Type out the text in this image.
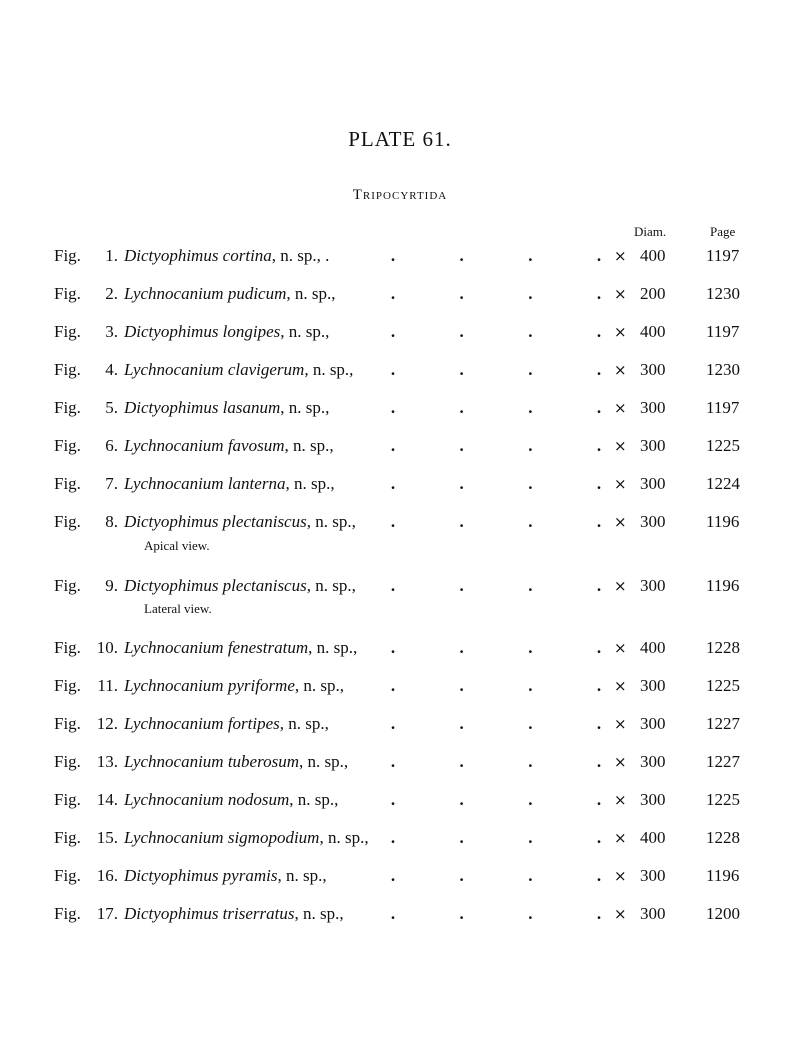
PLATE 61.
Tripocyrtida
Diam.	Page
Fig.	1. Dictyophimus cortina, n. sp., .	.	.	.	. × 400 1197
Fig.	2. Lychnocanium pudicum, n. sp.,	.	.	.	. × 200 1230
Fig.	3. Dictyophimus longipes, n. sp.,	.	.	.	. × 400 1197
Fig.	4. Lychnocanium clavigerum, n. sp., .	.	.	. × 300 1230
Fig.	5. Dictyophimus lasanum, n. sp.,	.	.	.	. × 300 1197
Fig.	6. Lychnocanium favosum, n. sp.,	.	.	.	. × 300 1225
Fig.	7. Lychnocanium lanterna, n. sp.,	.	.	.	. × 300 1224
Fig.	8. Dictyophimus plectaniscus, n. sp., .	.	.	. × 300 1196
Apical view.
Fig.	9. Dictyophimus plectaniscus, n. sp., .	.	.	. × 300 1196
Lateral view.
Fig. 10. Lychnocanium fenestratum, n. sp., .	.	.	. × 400 1228
Fig. 11. Lychnocanium pyriforme, n. sp.,	.	.	.	. × 300 1225
Fig. 12. Lychnocanium fortipes, n. sp.,	.	.	.	. × 300 1227
Fig. 13. Lychnocanium tuberosum, n. sp.,	.	.	.	. × 300 1227
Fig. 14. Lychnocanium nodosum, n. sp.,	.	.	.	. × 300 1225
Fig. 15. Lychnocanium sigmopodium, n. sp., .	.	.	. × 400 1228
Fig. 16. Dictyophimus pyramis, n. sp.,	.	.	.	. × 300 1196
Fig. 17. Dictyophimus triserratus, n. sp.,	.	.	.	. × 300 1200
